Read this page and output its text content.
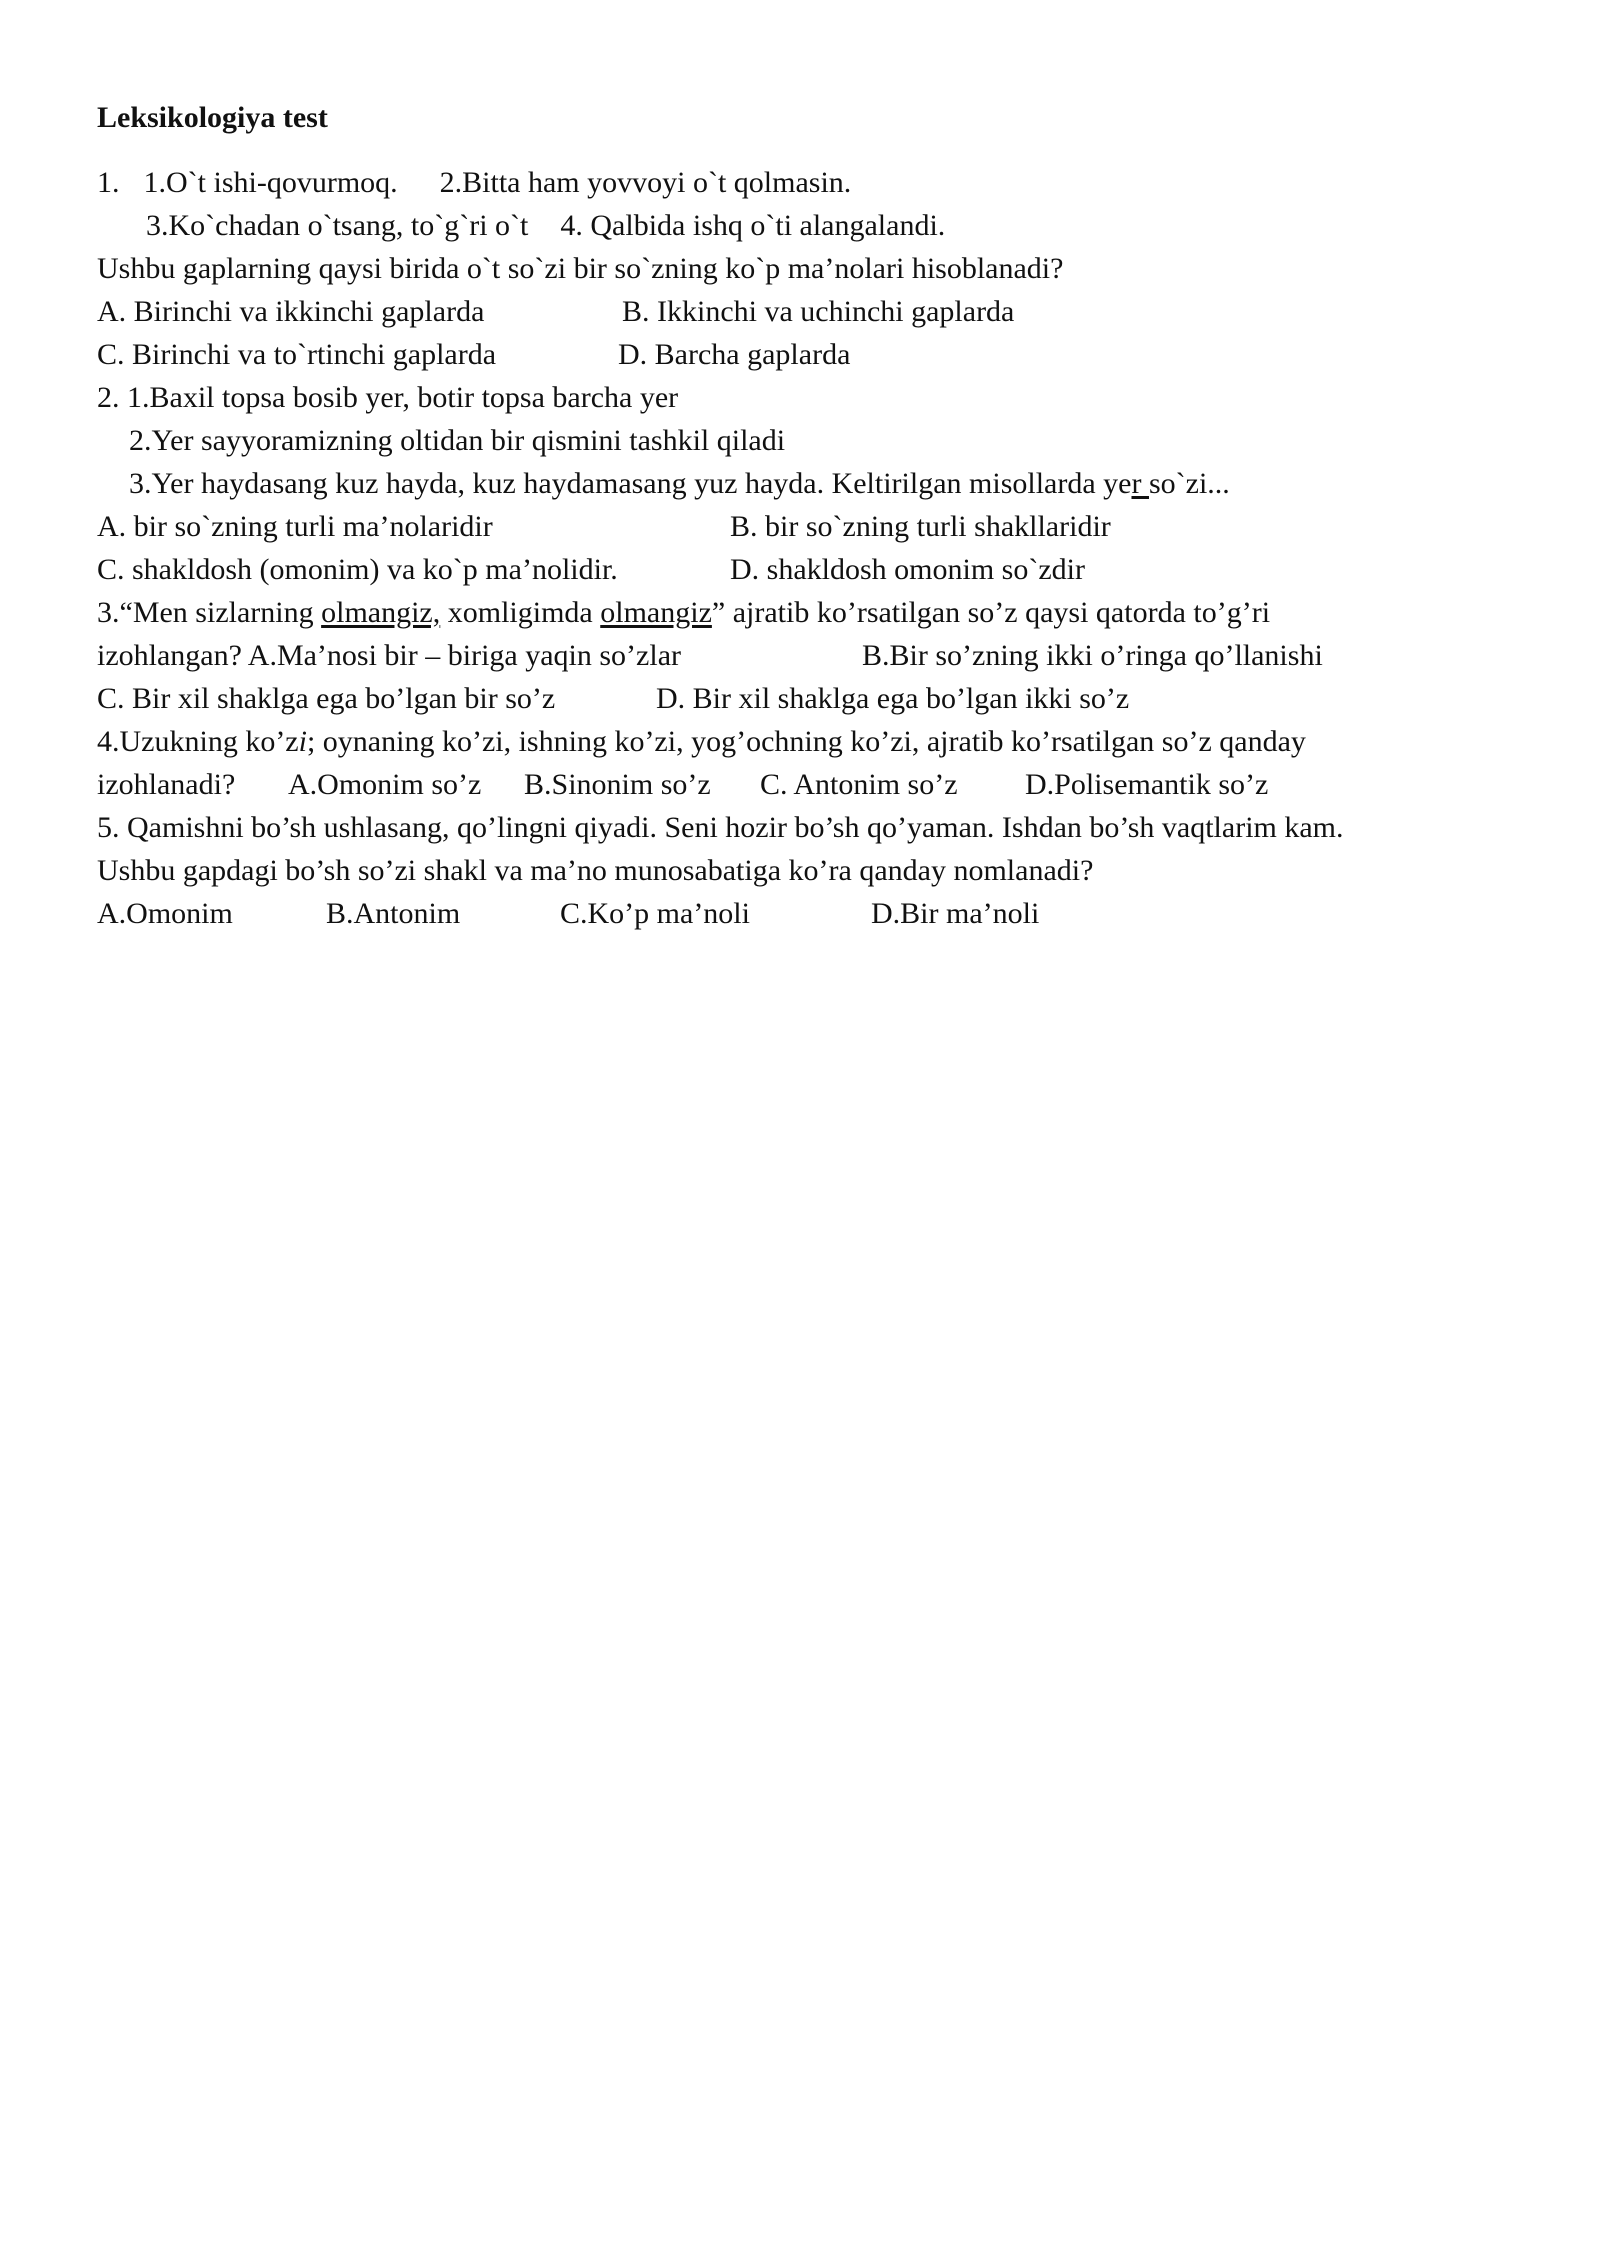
Leksikologiya test
1. 1.O`t ishi-qovurmoq. 2.Bitta ham yovvoyi o`t qolmasin.
3.Ko`chadan o`tsang, to`g`ri o`t 4. Qalbida ishq o`ti alangalandi.
Ushbu gaplarning qaysi birida o`t so`zi bir so`zning ko`p ma’nolari hisoblanadi?
A. Birinchi va ikkinchi gaplarda	B. Ikkinchi va uchinchi gaplarda
C. Birinchi va to`rtinchi gaplarda	D. Barcha gaplarda
2. 1.Baxil topsa bosib yer, botir topsa barcha yer
2.Yer sayyoramizning oltidan bir qismini tashkil qiladi
3.Yer haydasang kuz hayda, kuz haydamasang yuz hayda. Keltirilgan misollarda yer so`zi...
A. bir so`zning turli ma’nolaridir	B. bir so`zning turli shakllaridir
C. shakldosh (omonim) va ko`p ma’nolidir.	D. shakldosh omonim so`zdir
3.“Men sizlarning olmangiz, xomligimda olmangiz” ajratib ko’rsatilgan so’z qaysi qatorda to’g’ri
izohlangan? A.Ma’nosi bir – biriga yaqin so’zlar	B.Bir so’zning ikki o’ringa qo’llanishi
C. Bir xil shaklga ega bo’lgan bir so’z	D. Bir xil shaklga ega bo’lgan ikki so’z
4.Uzukning ko’zi; oynaning ko’zi, ishning ko’zi, yog’ochning ko’zi, ajratib ko’rsatilgan so’z qanday
izohlanadi? A.Omonim so’z B.Sinonim so’z C. Antonim so’z D.Polisemantik so’z
5. Qamishni bo’sh ushlasang, qo’lingni qiyadi. Seni hozir bo’sh qo’yaman. Ishdan bo’sh vaqtlarim kam.
Ushbu gapdagi bo’sh so’zi shakl va ma’no munosabatiga ko’ra qanday nomlanadi?
A.Omonim	B.Antonim	C.Ko’p ma’noli	D.Bir ma’noli
